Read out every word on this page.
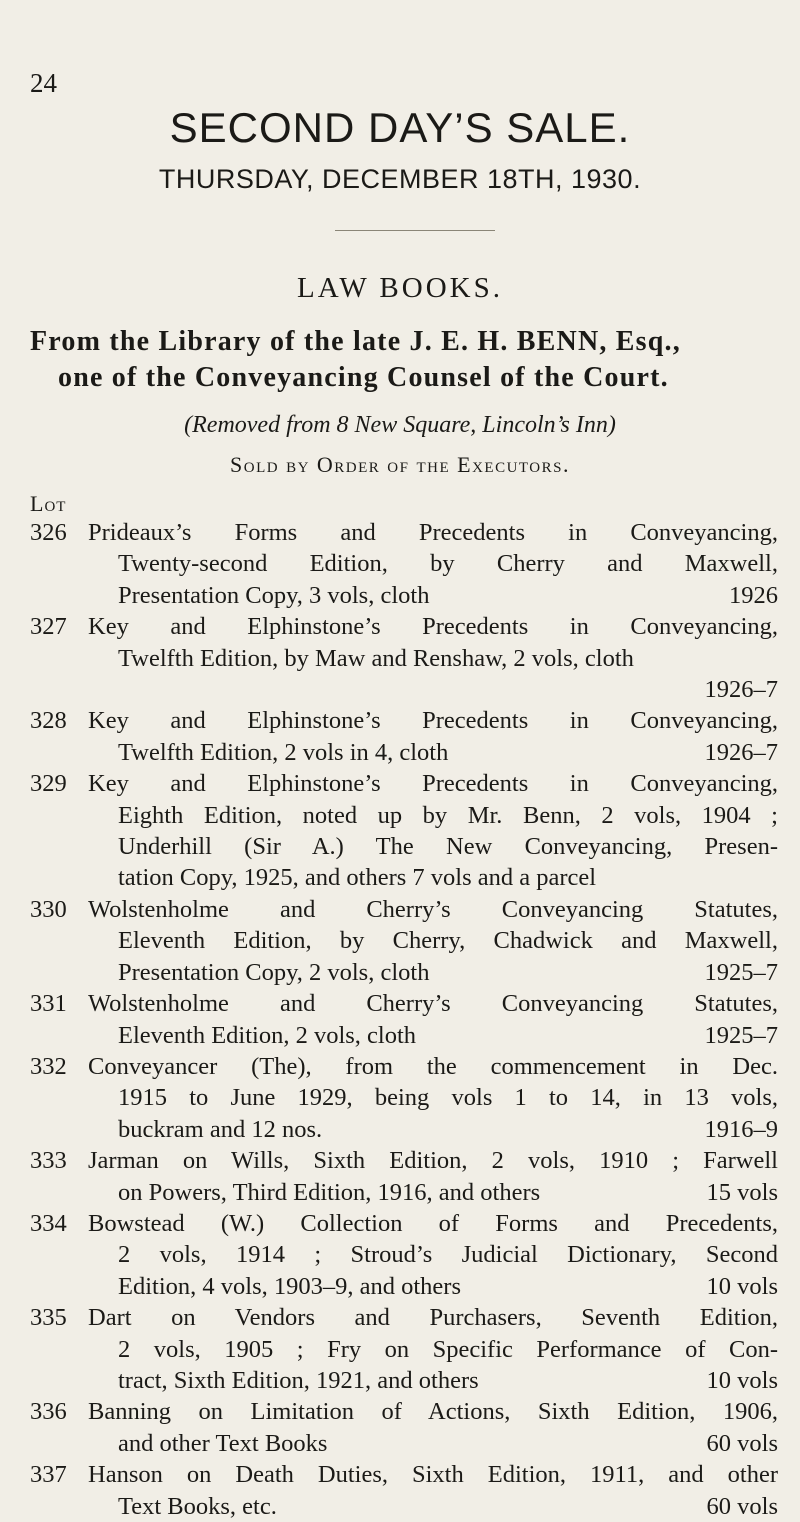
24
SECOND DAY’S SALE.
THURSDAY, DECEMBER 18TH, 1930.
LAW BOOKS.
From the Library of the late J. E. H. BENN, Esq.,
one of the Conveyancing Counsel of the Court.
(Removed from 8 New Square, Lincoln’s Inn)
Sold by Order of the Executors.
Lot
326 Prideaux’s Forms and Precedents in Conveyancing,
Twenty-second Edition, by Cherry and Maxwell,
Presentation Copy, 3 vols, cloth	1926
327 Key and Elphinstone’s Precedents in Conveyancing,
Twelfth Edition, by Maw and Renshaw, 2 vols, cloth
1926–7
328 Key and Elphinstone’s Precedents in Conveyancing,
Twelfth Edition, 2 vols in 4, cloth	1926–7
329 Key and Elphinstone’s Precedents in Conveyancing,
Eighth Edition, noted up by Mr. Benn, 2 vols, 1904 ;
Underhill (Sir A.) The New Conveyancing, Presen-
tation Copy, 1925, and others 7 vols and a parcel
330 Wolstenholme and Cherry’s Conveyancing Statutes,
Eleventh Edition, by Cherry, Chadwick and Maxwell,
Presentation Copy, 2 vols, cloth	1925–7
331 Wolstenholme and Cherry’s Conveyancing Statutes,
Eleventh Edition, 2 vols, cloth	1925–7
332 Conveyancer (The), from the commencement in Dec.
1915 to June 1929, being vols 1 to 14, in 13 vols,
buckram and 12 nos.	1916–9
333 Jarman on Wills, Sixth Edition, 2 vols, 1910 ; Farwell
on Powers, Third Edition, 1916, and others	15 vols
334 Bowstead (W.) Collection of Forms and Precedents,
2 vols, 1914 ; Stroud’s Judicial Dictionary, Second
Edition, 4 vols, 1903–9, and others	10 vols
335 Dart on Vendors and Purchasers, Seventh Edition,
2 vols, 1905 ; Fry on Specific Performance of Con-
tract, Sixth Edition, 1921, and others	10 vols
336 Banning on Limitation of Actions, Sixth Edition, 1906,
and other Text Books	60 vols
337 Hanson on Death Duties, Sixth Edition, 1911, and other
Text Books, etc.	60 vols
